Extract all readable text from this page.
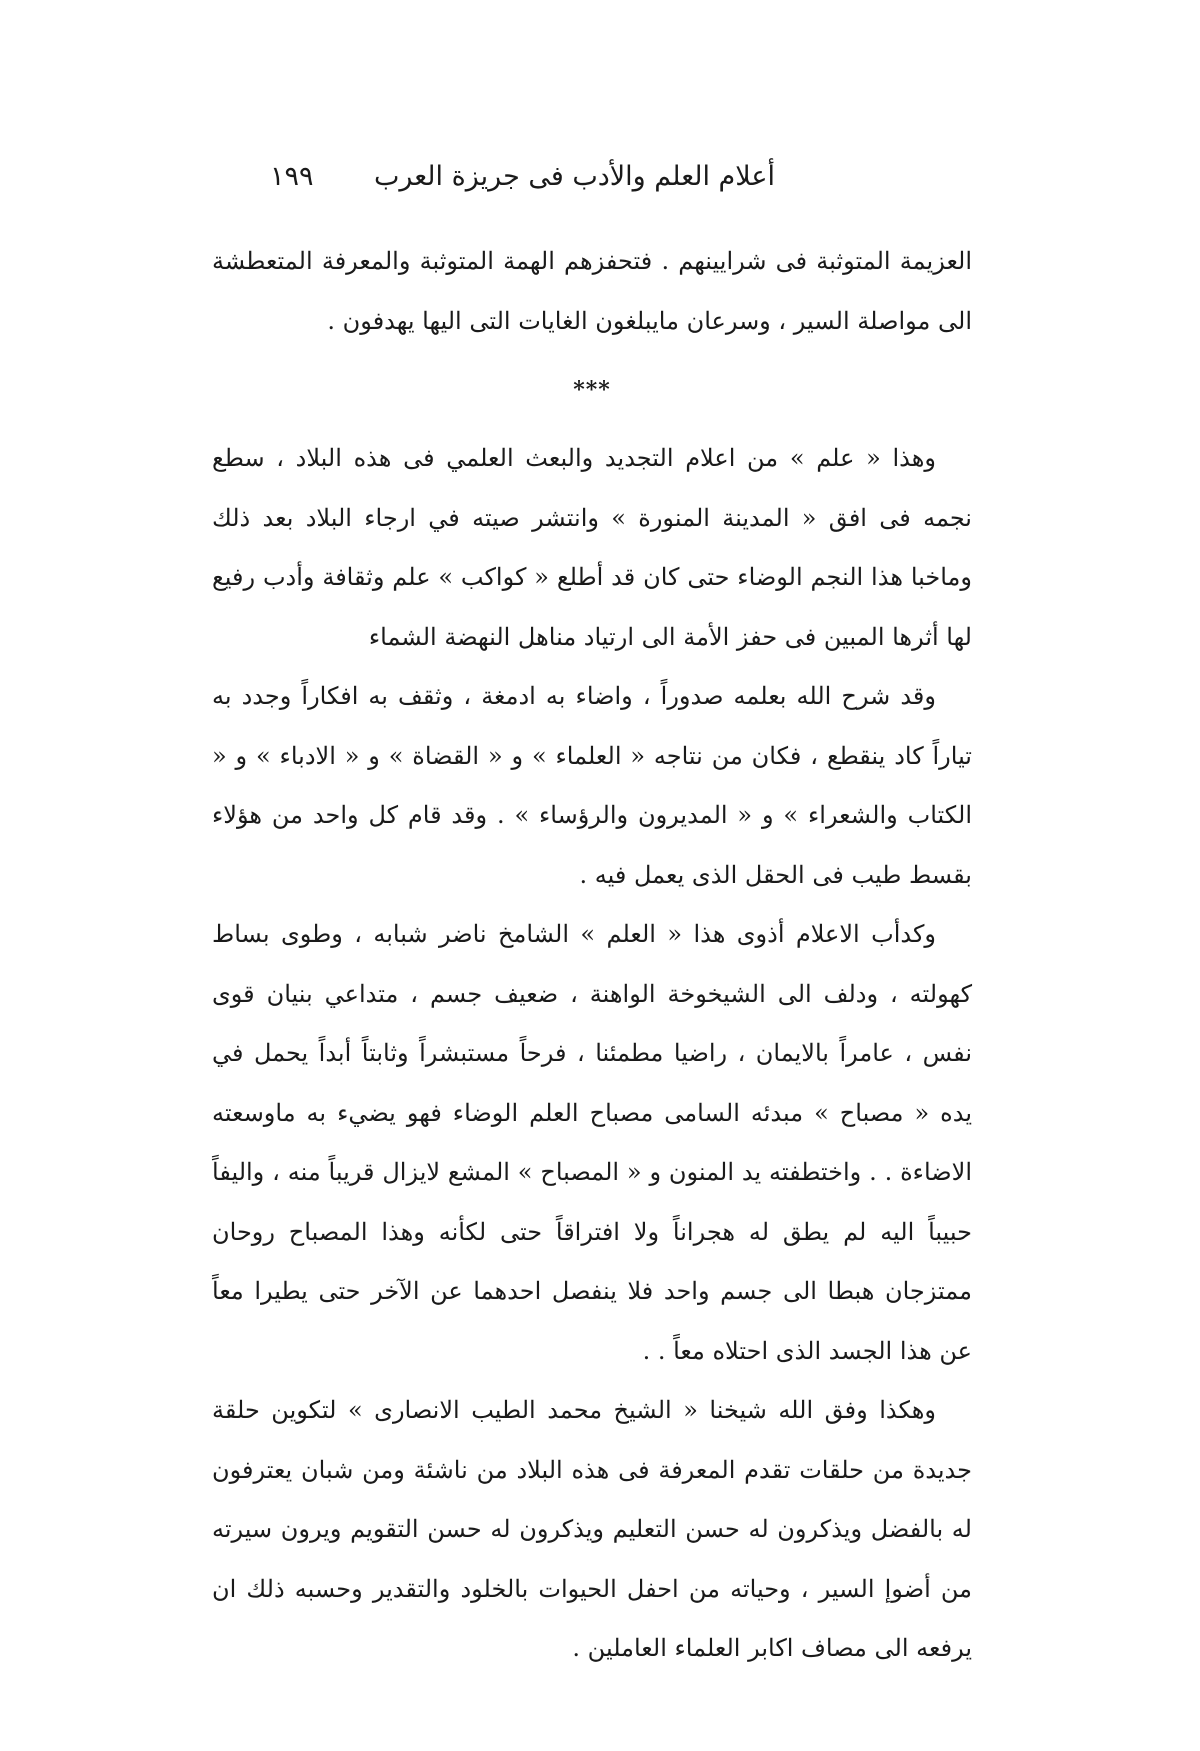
أعلام العلم والأدب فى جريزة العرب
١٩٩

العزيمة المتوثبة فى شرايينهم . فتحفزهم الهمة المتوثبة والمعرفة المتعطشة الى مواصلة السير ، وسرعان مايبلغون الغايات التى اليها يهدفون .

***

وهذا « علم » من اعلام التجديد والبعث العلمي فى هذه البلاد ، سطع نجمه فى افق « المدينة المنورة » وانتشر صيته في ارجاء البلاد بعد ذلك وماخبا هذا النجم الوضاء حتى كان قد أطلع « كواكب » علم وثقافة وأدب رفيع لها أثرها المبين فى حفز الأمة الى ارتياد مناهل النهضة الشماء

وقد شرح الله بعلمه صدوراً ، واضاء به ادمغة ، وثقف به افكاراً وجدد به تياراً كاد ينقطع ، فكان من نتاجه « العلماء » و « القضاة » و « الادباء » و « الكتاب والشعراء » و « المديرون والرؤساء » . وقد قام كل واحد من هؤلاء بقسط طيب فى الحقل الذى يعمل فيه .

وكدأب الاعلام أذوى هذا « العلم » الشامخ ناضر شبابه ، وطوى بساط كهولته ، ودلف الى الشيخوخة الواهنة ، ضعيف جسم ، متداعي بنيان قوى نفس ، عامراً بالايمان ، راضيا مطمئنا ، فرحاً مستبشراً وثابتاً أبداً يحمل في يده « مصباح » مبدئه السامى مصباح العلم الوضاء فهو يضيء به ماوسعته الاضاءة . . واختطفته يد المنون و « المصباح » المشع لايزال قريباً منه ، واليفاً حبيباً اليه لم يطق له هجراناً ولا افتراقاً حتى لكأنه وهذا المصباح روحان ممتزجان هبطا الى جسم واحد فلا ينفصل احدهما عن الآخر حتى يطيرا معاً عن هذا الجسد الذى احتلاه معاً . .

وهكذا وفق الله شيخنا « الشيخ محمد الطيب الانصارى » لتكوين حلقة جديدة من حلقات تقدم المعرفة فى هذه البلاد من ناشئة ومن شبان يعترفون له بالفضل ويذكرون له حسن التعليم ويذكرون له حسن التقويم ويرون سيرته من أضوإ السير ، وحياته من احفل الحيوات بالخلود والتقدير وحسبه ذلك ان يرفعه الى مصاف اكابر العلماء العاملين .
